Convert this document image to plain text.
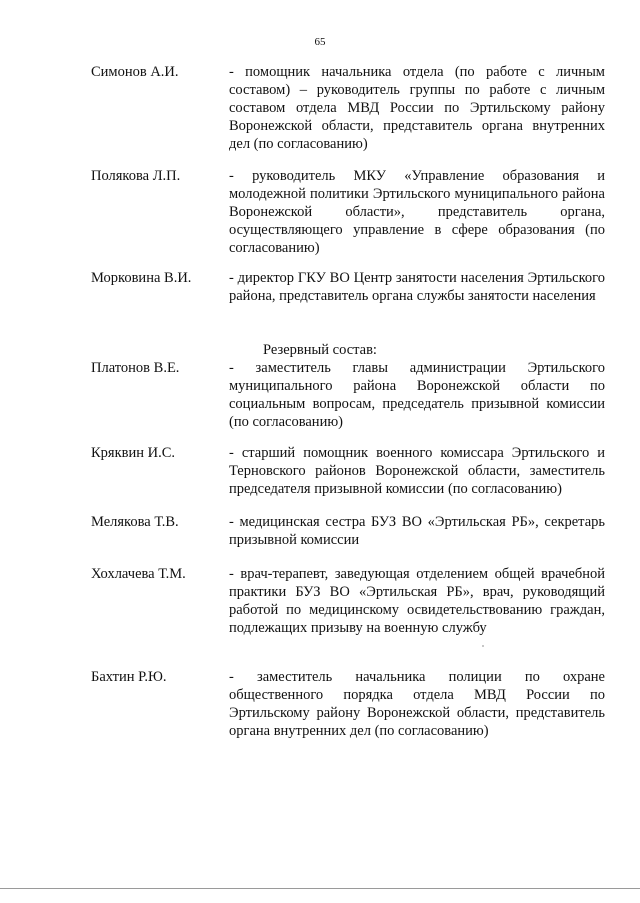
65
Симонов А.И.	- помощник начальника отдела (по работе с личным составом) – руководитель группы по работе с личным составом отдела МВД России по Эртильскому району Воронежской области, представитель органа внутренних дел (по согласованию)

Полякова Л.П.	- руководитель МКУ «Управление образования и молодежной политики Эртильского муниципального района Воронежской области», представитель органа, осуществляющего управление в сфере образования (по согласованию)

Морковина В.И.	- директор ГКУ ВО Центр занятости населения Эртильского района, представитель органа службы занятости населения

Резервный состав:
Платонов В.Е.	- заместитель главы администрации Эртильского муниципального района Воронежской области по социальным вопросам, председатель призывной комиссии (по согласованию)

Кряквин И.С.	- старший помощник военного комиссара Эртильского и Терновского районов Воронежской области, заместитель председателя призывной комиссии (по согласованию)

Мелякова Т.В.	- медицинская сестра БУЗ ВО «Эртильская РБ», секретарь призывной комиссии

Хохлачева Т.М.	- врач-терапевт, заведующая отделением общей врачебной практики БУЗ ВО «Эртильская РБ», врач, руководящий работой по медицинскому освидетельствованию граждан, подлежащих призыву на военную службу

Бахтин Р.Ю.	- заместитель начальника полиции по охране общественного порядка отдела МВД России по Эртильскому району Воронежской области, представитель органа внутренних дел (по согласованию)
